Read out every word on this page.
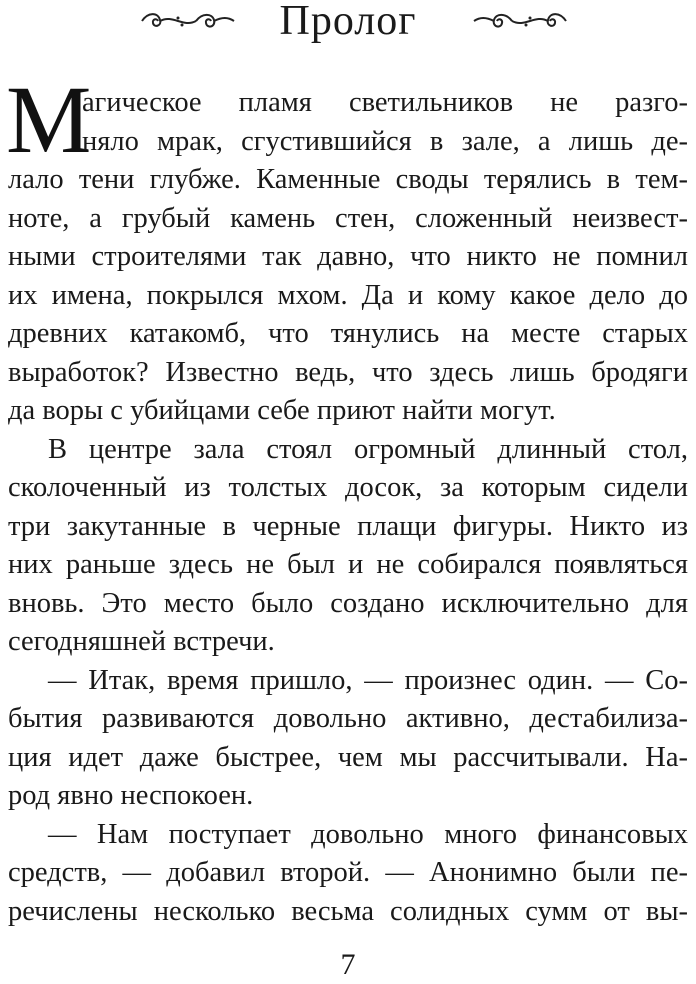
Пролог
М
агическое пламя светильников не разго-
няло мрак, сгустившийся в зале, а лишь де-
лало тени глубже. Каменные своды терялись в тем-
ноте, а грубый камень стен, сложенный неизвест-
ными строителями так давно, что никто не помнил
их имена, покрылся мхом. Да и кому какое дело до
древних катакомб, что тянулись на месте старых
выработок? Известно ведь, что здесь лишь бродяги
да воры с убийцами себе приют найти могут.
В центре зала стоял огромный длинный стол,
сколоченный из толстых досок, за которым сидели
три закутанные в черные плащи фигуры. Никто из
них раньше здесь не был и не собирался появляться
вновь. Это место было создано исключительно для
сегодняшней встречи.
— Итак, время пришло, — произнес один. — Со-
бытия развиваются довольно активно, дестабилиза-
ция идет даже быстрее, чем мы рассчитывали. На-
род явно неспокоен.
— Нам поступает довольно много финансовых
средств, — добавил второй. — Анонимно были пе-
речислены несколько весьма солидных сумм от вы-
7
